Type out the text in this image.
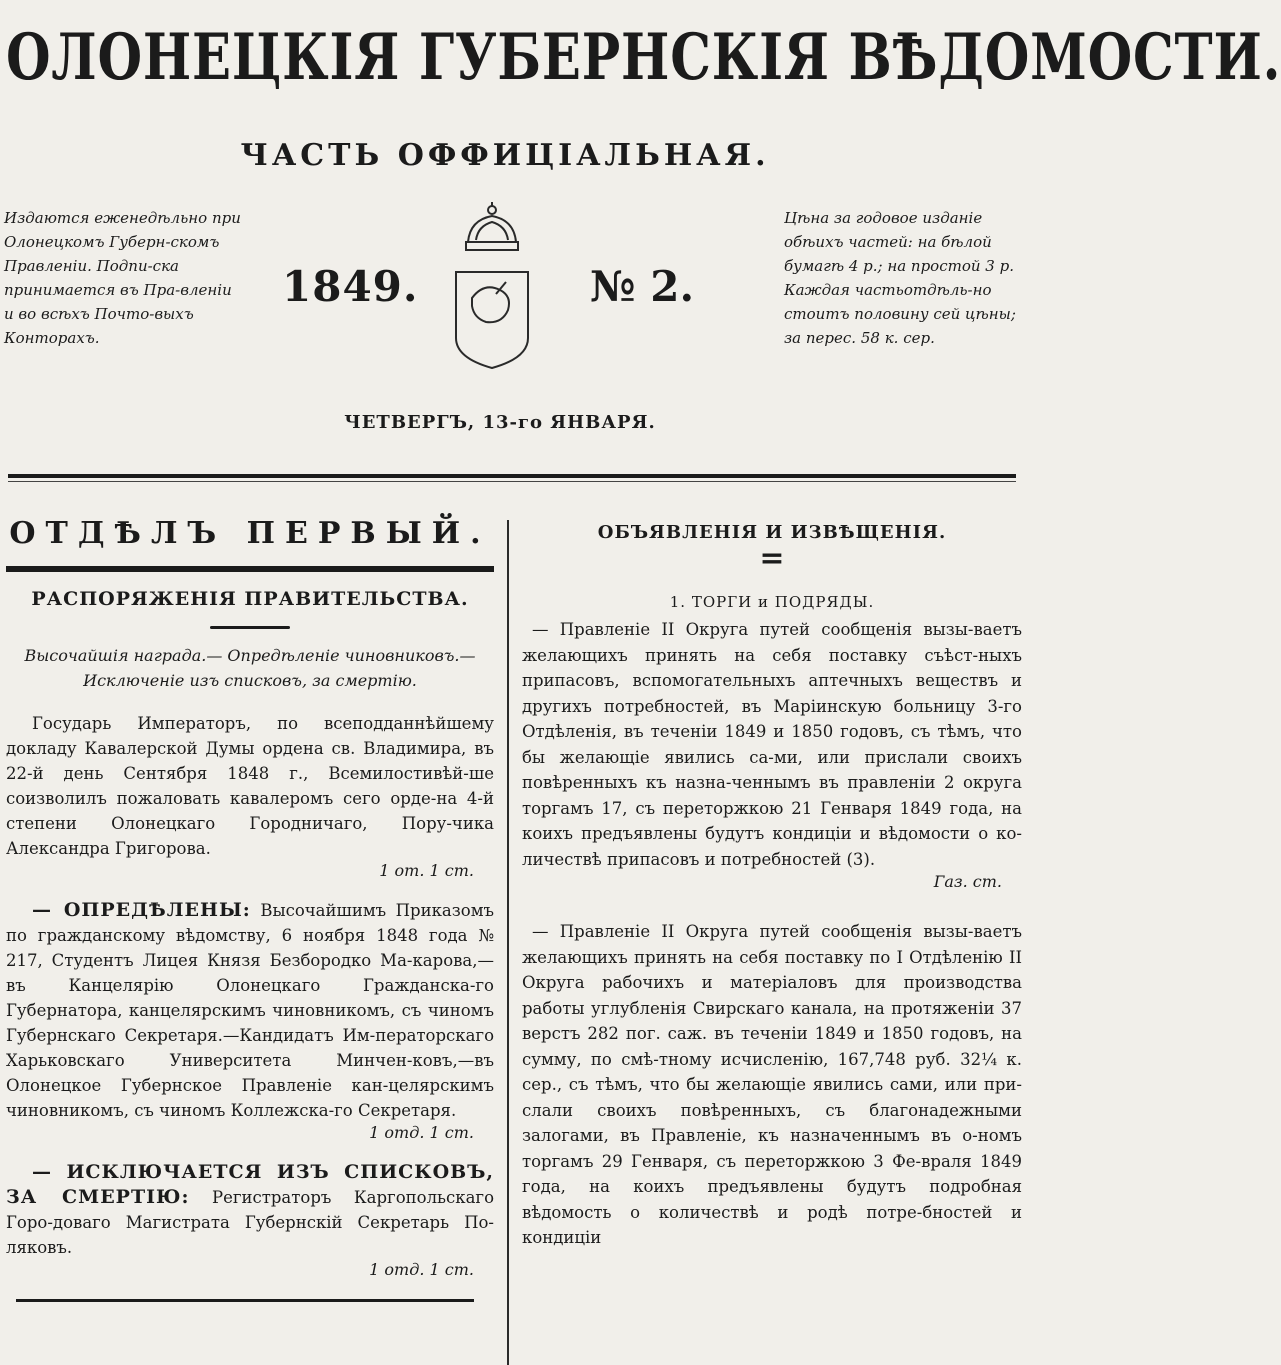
ОЛОНЕЦКIЯ ГУБЕРНСКIЯ ВѢДОМОСТИ.
ЧАСТЬ ОФФИЦIАЛЬНАЯ.
Издаются еженедѣльно при Олонецкомъ Губерн-скомъ Правленiи. Подпи-ска принимается въ Пра-вленiи и во всѣхъ Почто-выхъ Конторахъ.
1849.	№ 2.
Цѣна за годовое изданiе обѣихъ частей: на бѣлой бумагѣ 4 р.; на простой 3 р. Каждая частьотдѣль-но стоитъ половину сей цѣны; за перес. 58 к. сер.
ЧЕТВЕРГЪ, 13-го ЯНВАРЯ.
ОТДѢЛЪ ПЕРВЫЙ.
РАСПОРЯЖЕНIЯ ПРАВИТЕЛЬСТВА.
Высочайшiя награда.— Опредѣленiе чиновниковъ.— Исключенiе изъ списковъ, за смертiю.
Государь Императоръ, по всеподданнѣйшему докладу Кавалерской Думы ордена св. Владимира, въ 22-й день Сентября 1848 г., Всемилостивѣй-ше соизволилъ пожаловать кавалеромъ сего орде-на 4-й степени Олонецкаго Городничаго, Пору-чика Александра Григорова.
1 от. 1 ст.
— ОПРЕДѢЛЕНЫ: Высочайшимъ Приказомъ по гражданскому вѣдомству, 6 ноября 1848 года № 217, Студентъ Лицея Князя Безбородко Ма-карова,—въ Канцелярiю Олонецкаго Гражданска-го Губернатора, канцелярскимъ чиновникомъ, съ чиномъ Губернскаго Секретаря.—Кандидатъ Им-ператорскаго Харьковскаго Университета Минчен-ковъ,—въ Олонецкое Губернское Правленiе кан-целярскимъ чиновникомъ, съ чиномъ Коллежска-го Секретаря.
1 отд. 1 ст.
— ИСКЛЮЧАЕТСЯ ИЗЪ СПИСКОВЪ, ЗА СМЕРТIЮ: Регистраторъ Каргопольскаго Горо-доваго Магистрата Губернскiй Секретарь По-ляковъ.
1 отд. 1 ст.
ОБЪЯВЛЕНIЯ И ИЗВѢЩЕНIЯ.
=
1. ТОРГИ и ПОДРЯДЫ.
— Правленiе II Округа путей сообщенiя вызы-ваетъ желающихъ принять на себя поставку съѣст-ныхъ припасовъ, вспомогательныхъ аптечныхъ веществъ и другихъ потребностей, въ Марiинскую больницу 3-го Отдѣленiя, въ теченiи 1849 и 1850 годовъ, съ тѣмъ, что бы желающiе явились са-ми, или прислали своихъ повѣренныхъ къ назна-ченнымъ въ правленiи 2 округа торгамъ 17, съ переторжкою 21 Генваря 1849 года, на коихъ предъявлены будутъ кондицiи и вѣдомости о ко-личествѣ припасовъ и потребностей (3).
Газ. ст.
— Правленiе II Округа путей сообщенiя вызы-ваетъ желающихъ принять на себя поставку по I Отдѣленiю II Округа рабочихъ и матерiаловъ для производства работы углубленiя Свирскаго канала, на протяженiи 37 верстъ 282 пог. саж. въ теченiи 1849 и 1850 годовъ, на сумму, по смѣ-тному исчисленiю, 167,748 руб. 32¼ к. сер., съ тѣмъ, что бы желающiе явились сами, или при-слали своихъ повѣренныхъ, съ благонадежными залогами, въ Правленiе, къ назначеннымъ въ о-номъ торгамъ 29 Генваря, съ переторжкою 3 Фе-враля 1849 года, на коихъ предъявлены будутъ подробная вѣдомость о количествѣ и родѣ потре-бностей и кондицiи
